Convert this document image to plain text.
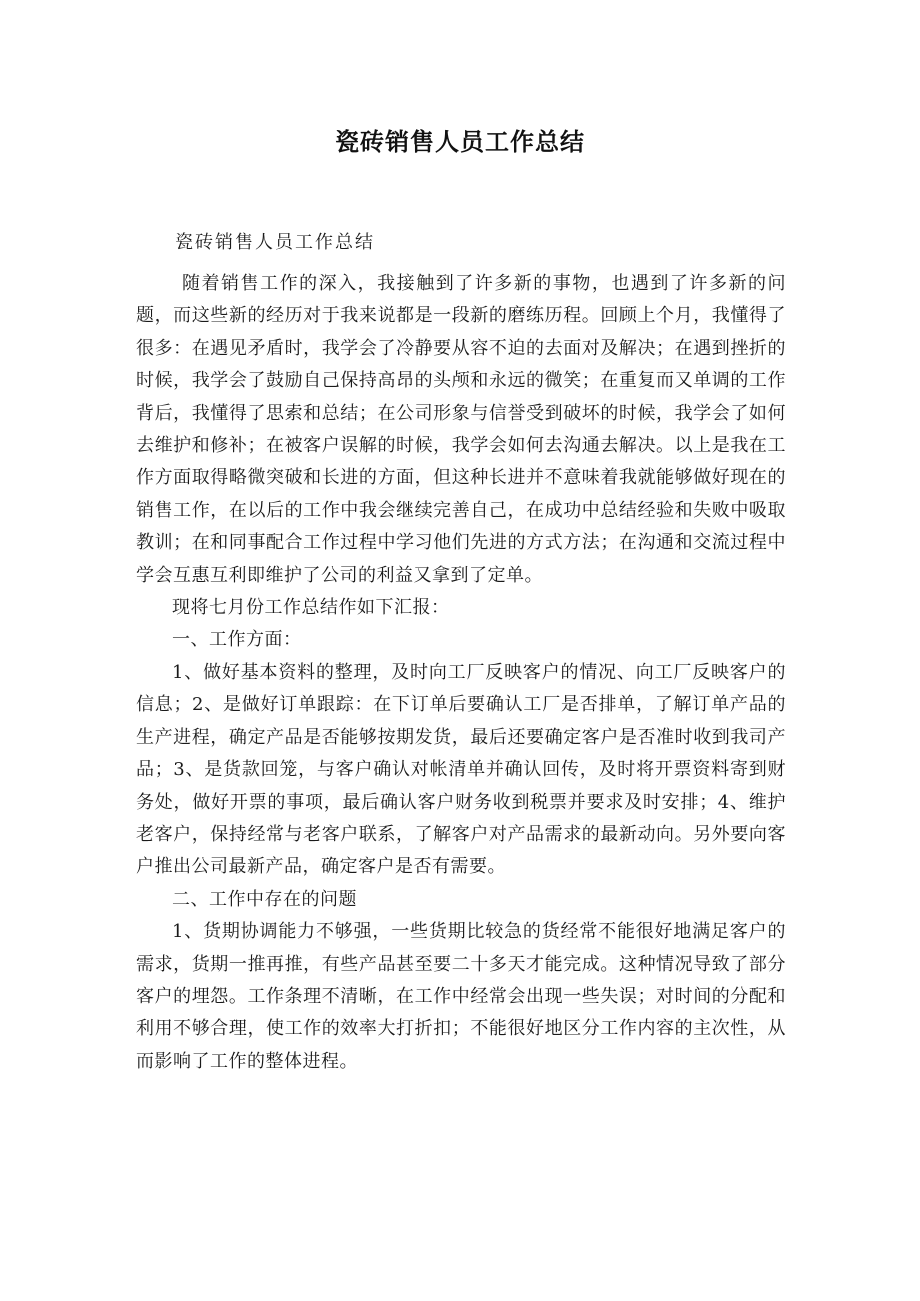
瓷砖销售人员工作总结

瓷砖销售人员工作总结

随着销售工作的深入，我接触到了许多新的事物，也遇到了许多新的问题，而这些新的经历对于我来说都是一段新的磨练历程。回顾上个月，我懂得了很多：在遇见矛盾时，我学会了冷静要从容不迫的去面对及解决；在遇到挫折的时候，我学会了鼓励自己保持高昂的头颅和永远的微笑；在重复而又单调的工作背后，我懂得了思索和总结；在公司形象与信誉受到破坏的时候，我学会了如何去维护和修补；在被客户误解的时候，我学会如何去沟通去解决。以上是我在工作方面取得略微突破和长进的方面，但这种长进并不意味着我就能够做好现在的销售工作，在以后的工作中我会继续完善自己，在成功中总结经验和失败中吸取教训；在和同事配合工作过程中学习他们先进的方式方法；在沟通和交流过程中学会互惠互利即维护了公司的利益又拿到了定单。

现将七月份工作总结作如下汇报：

一、工作方面：

1、做好基本资料的整理，及时向工厂反映客户的情况、向工厂反映客户的信息；2、是做好订单跟踪：在下订单后要确认工厂是否排单，了解订单产品的生产进程，确定产品是否能够按期发货，最后还要确定客户是否准时收到我司产品；3、是货款回笼，与客户确认对帐清单并确认回传，及时将开票资料寄到财务处，做好开票的事项，最后确认客户财务收到税票并要求及时安排；4、维护老客户，保持经常与老客户联系，了解客户对产品需求的最新动向。另外要向客户推出公司最新产品，确定客户是否有需要。

二、工作中存在的问题

1、货期协调能力不够强，一些货期比较急的货经常不能很好地满足客户的需求，货期一推再推，有些产品甚至要二十多天才能完成。这种情况导致了部分客户的埋怨。工作条理不清晰，在工作中经常会出现一些失误；对时间的分配和利用不够合理，使工作的效率大打折扣；不能很好地区分工作内容的主次性，从而影响了工作的整体进程。
